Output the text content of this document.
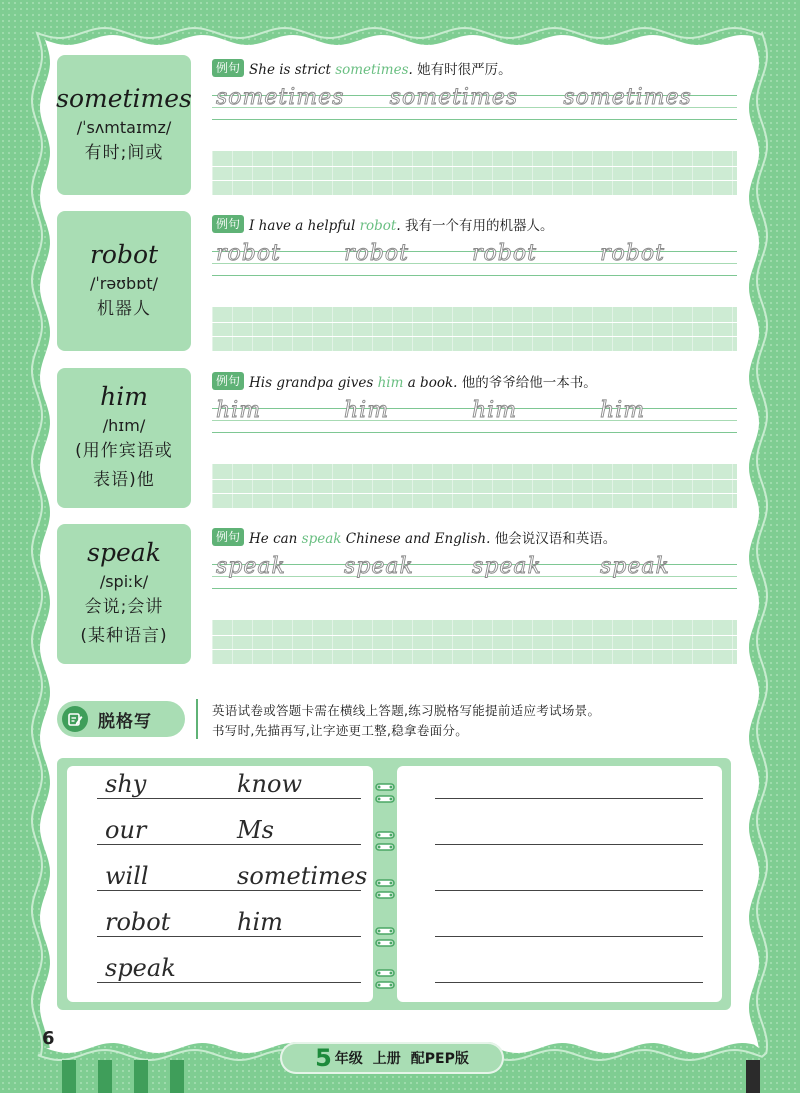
sometimes
/ˈsʌmtaɪmz/
有时;间或
例句 She is strict sometimes. 她有时很严厉。
sometimes	sometimes	sometimes
robot
/ˈrəʊbɒt/
机器人
例句 I have a helpful robot. 我有一个有用的机器人。
robot	robot	robot	robot
him
/hɪm/
(用作宾语或
表语)他
例句 His grandpa gives him a book. 他的爷爷给他一本书。
him	him	him	him
speak
/spiːk/
会说;会讲
(某种语言)
例句 He can speak Chinese and English. 他会说汉语和英语。
speak	speak	speak	speak
脱格写
英语试卷或答题卡需在横线上答题,练习脱格写能提前适应考试场景。
书写时,先描再写,让字迹更工整,稳拿卷面分。
shy	know
our	Ms
will	sometimes
robot	him
speak
6
5 年级 上册 配PEP版
